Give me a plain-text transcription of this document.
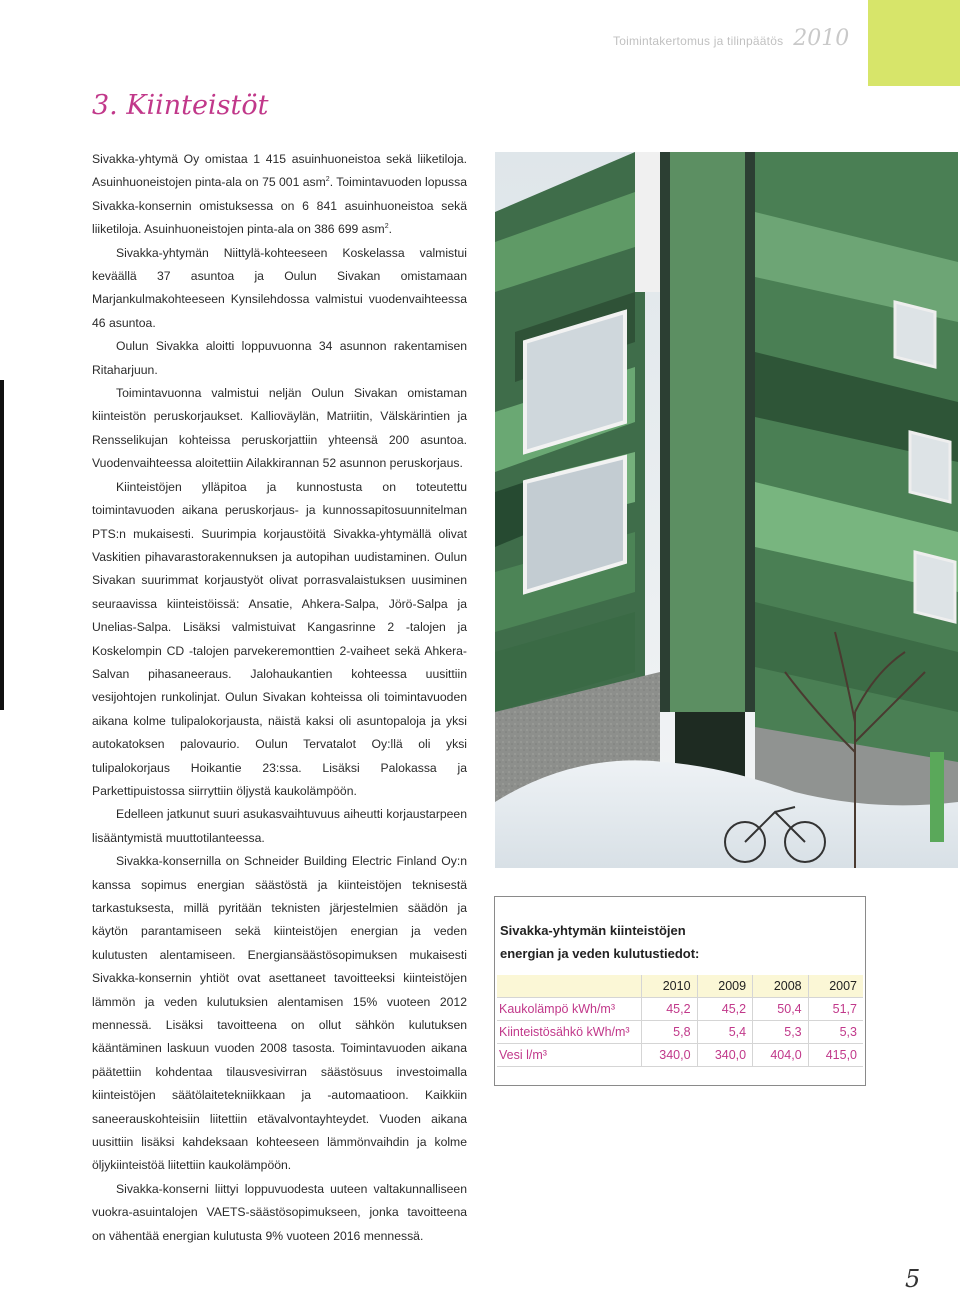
Toimintakertomus ja tilinpäätös 2010
3. Kiinteistöt

Sivakka-yhtymä Oy omistaa 1 415 asuinhuoneistoa sekä liiketiloja. Asuinhuoneistojen pinta-ala on 75 001 asm$^2$. Toimintavuoden lopussa Sivakka-konsernin omistuksessa on 6 841 asuinhuoneistoa sekä liiketiloja. Asuinhuoneistojen pinta-ala on 386 699 asm$^2$.

Sivakka-yhtymän Niittylä-kohteeseen Koskelassa valmistui keväällä 37 asuntoa ja Oulun Sivakan omistamaan Marjankulmakohteeseen Kynsilehdossa valmistui vuodenvaihteessa 46 asuntoa.

Oulun Sivakka aloitti loppuvuonna 34 asunnon rakentamisen Ritaharjuun.

Toimintavuonna valmistui neljän Oulun Sivakan omistaman kiinteistön peruskorjaukset. Kallioväylän, Matriitin, Välskärintien ja Rensselikujan kohteissa peruskorjattiin yhteensä 200 asuntoa. Vuodenvaihteessa aloitettiin Ailakkirannan 52 asunnon peruskorjaus.

Kiinteistöjen ylläpitoa ja kunnostusta on toteutettu toimintavuoden aikana peruskorjaus- ja kunnossapitosuunnitelman PTS:n mukaisesti. Suurimpia korjaustöitä Sivakka-yhtymällä olivat Vaskitien pihavarastorakennuksen ja autopihan uudistaminen. Oulun Sivakan suurimmat korjaustyöt olivat porrasvalaistuksen uusiminen seuraavissa kiinteistöissä: Ansatie, Ahkera-Salpa, Jörö-Salpa ja Unelias-Salpa. Lisäksi valmistuivat Kangasrinne 2 -talojen ja Koskelompin CD -talojen parvekeremonttien 2-vaiheet sekä Ahkera-Salvan pihasaneeraus. Jalohaukantien kohteessa uusittiin vesijohtojen runkolinjat. Oulun Sivakan kohteissa oli toimintavuoden aikana kolme tulipalokorjausta, näistä kaksi oli asuntopaloja ja yksi autokatoksen palovaurio. Oulun Tervatalot Oy:llä oli yksi tulipalokorjaus Hoikantie 23:ssa. Lisäksi Palokassa ja Parkettipuistossa siirryttiin öljystä kaukolämpöön.

Edelleen jatkunut suuri asukasvaihtuvuus aiheutti korjaustarpeen lisääntymistä muuttotilanteessa.

Sivakka-konsernilla on Schneider Building Electric Finland Oy:n kanssa sopimus energian säästöstä ja kiinteistöjen teknisestä tarkastuksesta, millä pyritään teknisten järjestelmien säädön ja käytön parantamiseen sekä kiinteistöjen energian ja veden kulutusten alentamiseen. Energiansäästösopimuksen mukaisesti Sivakka-konsernin yhtiöt ovat asettaneet tavoitteeksi kiinteistöjen lämmön ja veden kulutuksien alentamisen 15% vuoteen 2012 mennessä. Lisäksi tavoitteena on ollut sähkön kulutuksen kääntäminen laskuun vuoden 2008 tasosta. Toimintavuoden aikana päätettiin kohdentaa tilausvesivirran säästösuus investoimalla kiinteistöjen säätölaitetekniikkaan ja -automaatioon. Kaikkiin saneerauskohteisiin liitettiin etävalvontayhteydet. Vuoden aikana uusittiin lisäksi kahdeksaan kohteeseen lämmönvaihdin ja kolme öljykiinteistöä liitettiin kaukolämpöön.

Sivakka-konserni liittyi loppuvuodesta uuteen valtakunnalliseen vuokra-asuintalojen VAETS-säästösopimukseen, jonka tavoitteena on vähentää energian kulutusta 9% vuoteen 2016 mennessä.

Sivakka-yhtymän kiinteistöjen
energian ja veden kulutustiedot:

	2010	2009	2008	2007
Kaukolämpö kWh/m³	45,2	45,2	50,4	51,7
Kiinteistösähkö kWh/m³	5,8	5,4	5,3	5,3
Vesi l/m³	340,0	340,0	404,0	415,0
5
